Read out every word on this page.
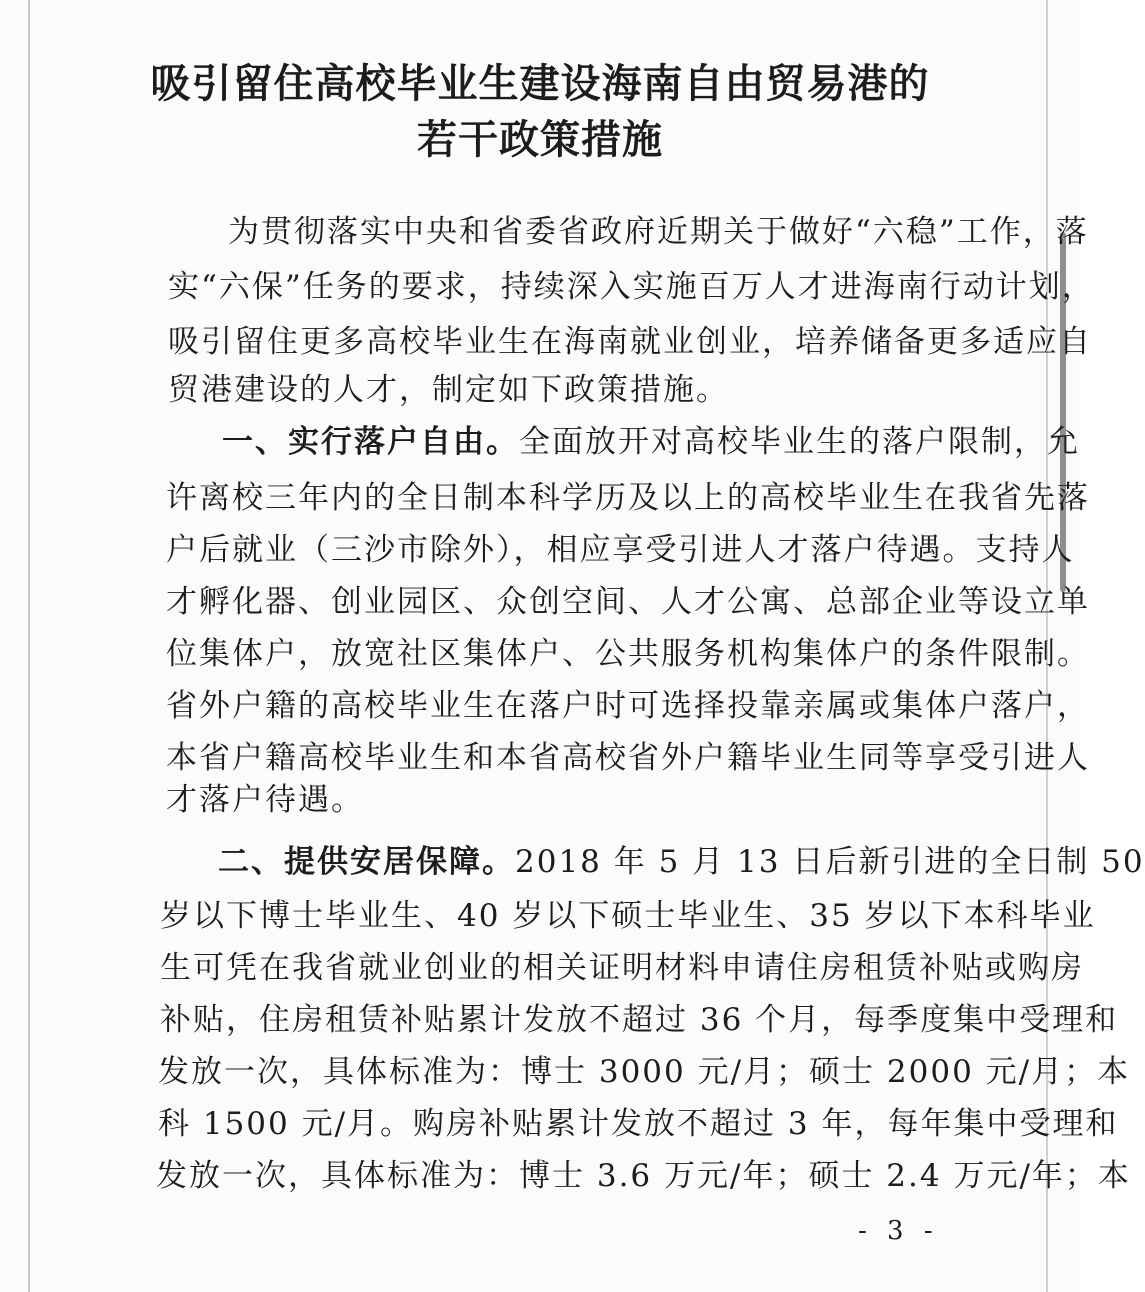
吸引留住高校毕业生建设海南自由贸易港的
若干政策措施
为贯彻落实中央和省委省政府近期关于做好“六稳”工作，落
实“六保”任务的要求，持续深入实施百万人才进海南行动计划，
吸引留住更多高校毕业生在海南就业创业，培养储备更多适应自
贸港建设的人才，制定如下政策措施。
一、实行落户自由。全面放开对高校毕业生的落户限制，允
许离校三年内的全日制本科学历及以上的高校毕业生在我省先落
户后就业（三沙市除外），相应享受引进人才落户待遇。支持人
才孵化器、创业园区、众创空间、人才公寓、总部企业等设立单
位集体户，放宽社区集体户、公共服务机构集体户的条件限制。
省外户籍的高校毕业生在落户时可选择投靠亲属或集体户落户，
本省户籍高校毕业生和本省高校省外户籍毕业生同等享受引进人
才落户待遇。
二、提供安居保障。2018 年 5 月 13 日后新引进的全日制 50
岁以下博士毕业生、40 岁以下硕士毕业生、35 岁以下本科毕业
生可凭在我省就业创业的相关证明材料申请住房租赁补贴或购房
补贴，住房租赁补贴累计发放不超过 36 个月，每季度集中受理和
发放一次，具体标准为：博士 3000 元/月；硕士 2000 元/月；本
科 1500 元/月。购房补贴累计发放不超过 3 年，每年集中受理和
发放一次，具体标准为：博士 3.6 万元/年；硕士 2.4 万元/年；本
- 3 -
